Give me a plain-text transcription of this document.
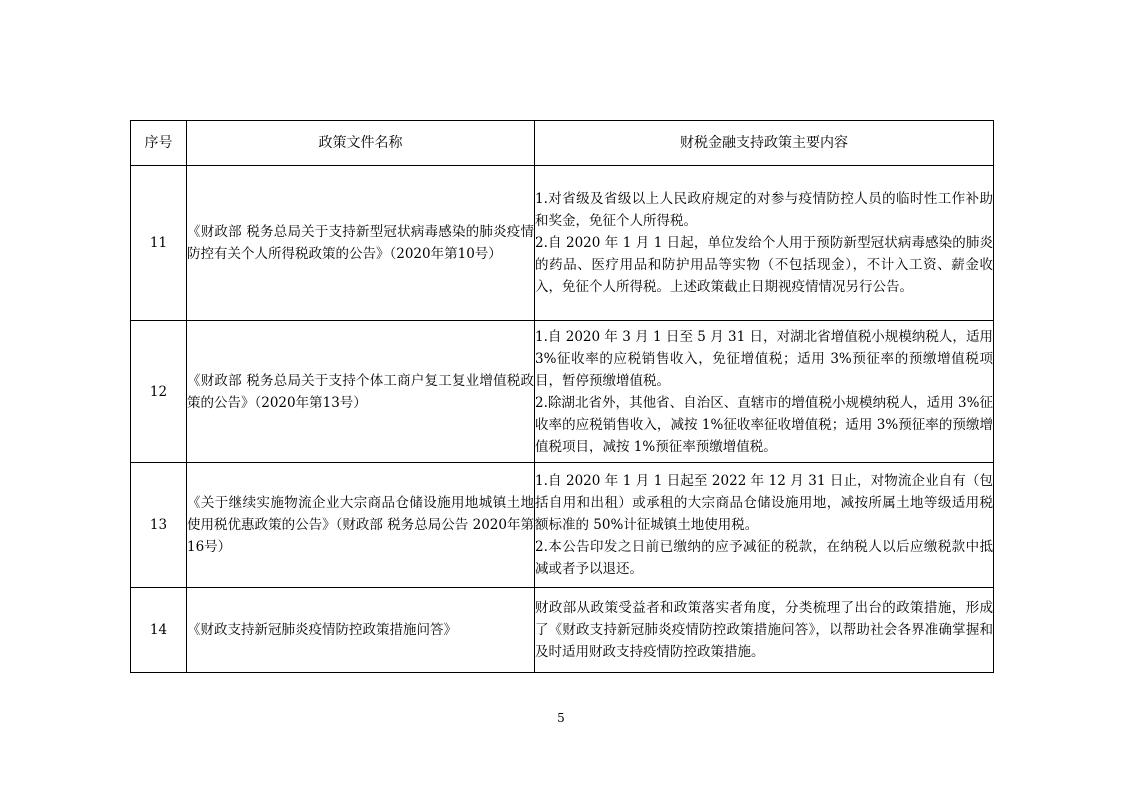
序号	政策文件名称	财税金融支持政策主要内容
11	《财政部 税务总局关于支持新型冠状病毒感染的肺炎疫情防控有关个人所得税政策的公告》（2020年第10号）	1.对省级及省级以上人民政府规定的对参与疫情防控人员的临时性工作补助和奖金，免征个人所得税。

2.自 2020 年 1 月 1 日起，单位发给个人用于预防新型冠状病毒感染的肺炎的药品、医疗用品和防护用品等实物（不包括现金），不计入工资、薪金收入，免征个人所得税。上述政策截止日期视疫情情况另行公告。

12	《财政部 税务总局关于支持个体工商户复工复业增值税政策的公告》（2020年第13号）	1.自 2020 年 3 月 1 日至 5 月 31 日，对湖北省增值税小规模纳税人，适用 3%征收率的应税销售收入，免征增值税；适用 3%预征率的预缴增值税项目，暂停预缴增值税。

2.除湖北省外，其他省、自治区、直辖市的增值税小规模纳税人，适用 3%征收率的应税销售收入，减按 1%征收率征收增值税；适用 3%预征率的预缴增值税项目，减按 1%预征率预缴增值税。

13	《关于继续实施物流企业大宗商品仓储设施用地城镇土地使用税优惠政策的公告》（财政部 税务总局公告 2020年第16号）	1.自 2020 年 1 月 1 日起至 2022 年 12 月 31 日止，对物流企业自有（包括自用和出租）或承租的大宗商品仓储设施用地，减按所属土地等级适用税额标准的 50%计征城镇土地使用税。

2.本公告印发之日前已缴纳的应予减征的税款，在纳税人以后应缴税款中抵减或者予以退还。

14	《财政支持新冠肺炎疫情防控政策措施问答》	财政部从政策受益者和政策落实者角度，分类梳理了出台的政策措施，形成了《财政支持新冠肺炎疫情防控政策措施问答》，以帮助社会各界准确掌握和及时适用财政支持疫情防控政策措施。

5
